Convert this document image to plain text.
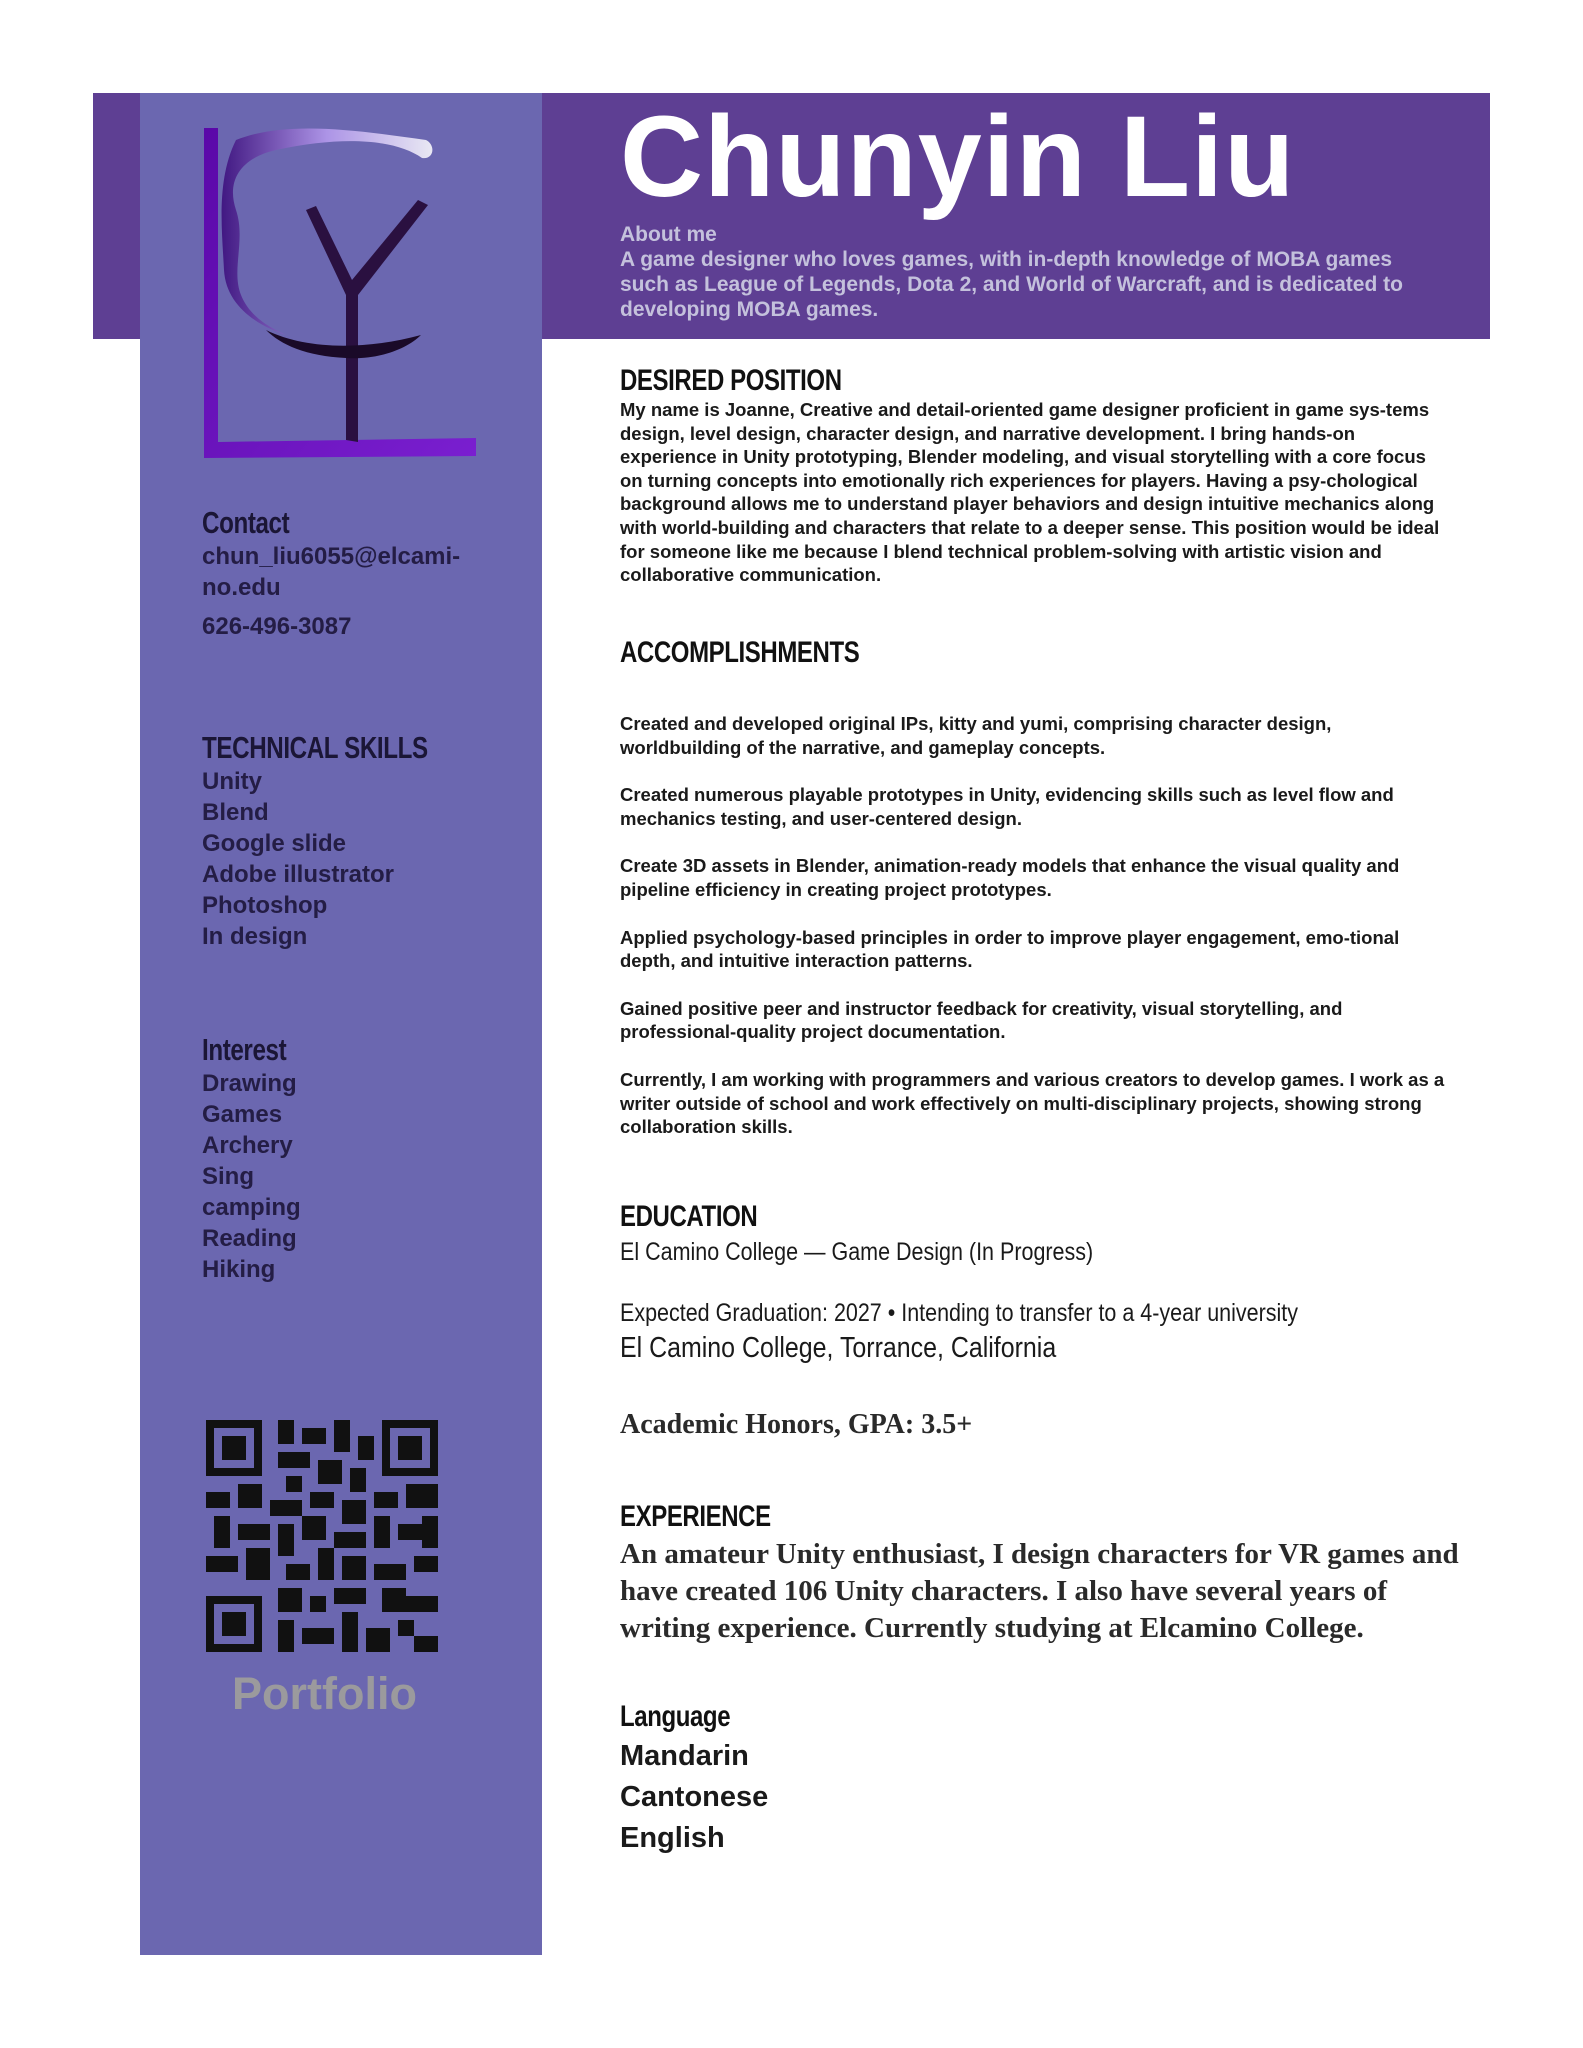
Chunyin Liu
About me
A game designer who loves games, with in-depth knowledge of MOBA games such as League of Legends, Dota 2, and World of Warcraft, and is dedicated to developing MOBA games.
Contact
chun_liu6055@elcami-
no.edu
626-496-3087
TECHNICAL SKILLS
Unity
Blend
Google slide
Adobe illustrator
Photoshop
In design
Interest
Drawing
Games
Archery
Sing
camping
Reading
Hiking
Portfolio
DESIRED POSITION
My name is Joanne, Creative and detail-oriented game designer proficient in game sys-tems design, level design, character design, and narrative development. I bring hands-on experience in Unity prototyping, Blender modeling, and visual storytelling with a core focus on turning concepts into emotionally rich experiences for players. Having a psy-chological background allows me to understand player behaviors and design intuitive mechanics along with world-building and characters that relate to a deeper sense. This position would be ideal for someone like me because I blend technical problem-solving with artistic vision and collaborative communication.
ACCOMPLISHMENTS

Created and developed original IPs, kitty and yumi, comprising character design, worldbuilding of the narrative, and gameplay concepts.

Created numerous playable prototypes in Unity, evidencing skills such as level flow and mechanics testing, and user-centered design.

Create 3D assets in Blender, animation-ready models that enhance the visual quality and pipeline efficiency in creating project prototypes.

Applied psychology-based principles in order to improve player engagement, emo-tional depth, and intuitive interaction patterns.

Gained positive peer and instructor feedback for creativity, visual storytelling, and professional-quality project documentation.

Currently, I am working with programmers and various creators to develop games. I work as a writer outside of school and work effectively on multi-disciplinary projects, showing strong collaboration skills.

EDUCATION
El Camino College — Game Design (In Progress)
Expected Graduation: 2027 • Intending to transfer to a 4-year university
El Camino College, Torrance, California
Academic Honors, GPA: 3.5+
EXPERIENCE
An amateur Unity enthusiast, I design characters for VR games and have created 106 Unity characters. I also have several years of writing experience. Currently studying at Elcamino College.
Language
Mandarin
Cantonese
English
